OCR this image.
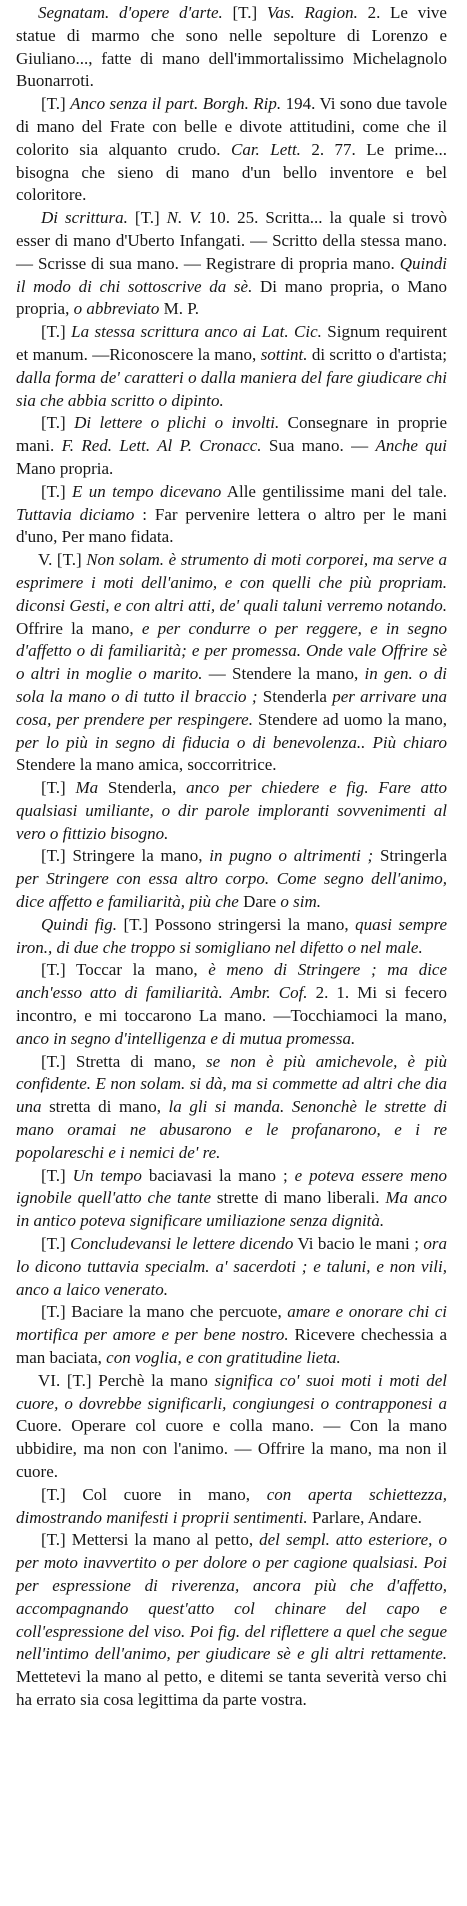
Segnatam. d'opere d'arte. [T.] Vas. Ragion. 2. Le vive statue di marmo che sono nelle sepolture di Lorenzo e Giuliano..., fatte di mano dell'immortalissimo Michelagnolo Buonarroti.

[T.] Anco senza il part. Borgh. Rip. 194. Vi sono due tavole di mano del Frate con belle e divote attitudini, come che il colorito sia alquanto crudo. Car. Lett. 2. 77. Le prime... bisogna che sieno di mano d'un bello inventore e bel coloritore.

Di scrittura. [T.] N. V. 10. 25. Scritta... la quale si trovò esser di mano d'Uberto Infangati. — Scritto della stessa mano. — Scrisse di sua mano. — Registrare di propria mano. Quindi il modo di chi sottoscrive da sè. Di mano propria, o Mano propria, o abbreviato M. P.

[T.] La stessa scrittura anco ai Lat. Cic. Signum requirent et manum. —Riconoscere la mano, sottint. di scritto o d'artista; dalla forma de' caratteri o dalla maniera del fare giudicare chi sia che abbia scritto o dipinto.

[T.] Di lettere o plichi o involti. Consegnare in proprie mani. F. Red. Lett. Al P. Cronacc. Sua mano. — Anche qui Mano propria.

[T.] E un tempo dicevano Alle gentilissime mani del tale. Tuttavia diciamo : Far pervenire lettera o altro per le mani d'uno, Per mano fidata.

V. [T.] Non solam. è strumento di moti corporei, ma serve a esprimere i moti dell'animo, e con quelli che più propriam. diconsi Gesti, e con altri atti, de' quali taluni verremo notando. Offrire la mano, e per condurre o per reggere, e in segno d'affetto o di familiarità; e per promessa. Onde vale Offrire sè o altri in moglie o marito. — Stendere la mano, in gen. o di sola la mano o di tutto il braccio ; Stenderla per arrivare una cosa, per prendere per respingere. Stendere ad uomo la mano, per lo più in segno di fiducia o di benevolenza.. Più chiaro Stendere la mano amica, soccorritrice.

[T.] Ma Stenderla, anco per chiedere e fig. Fare atto qualsiasi umiliante, o dir parole imploranti sovvenimenti al vero o fittizio bisogno.

[T.] Stringere la mano, in pugno o altrimenti ; Stringerla per Stringere con essa altro corpo. Come segno dell'animo, dice affetto e familiarità, più che Dare o sim.

Quindi fig. [T.] Possono stringersi la mano, quasi sempre iron., di due che troppo si somigliano nel difetto o nel male.

[T.] Toccar la mano, è meno di Stringere ; ma dice anch'esso atto di familiarità. Ambr. Cof. 2. 1. Mi si fecero incontro, e mi toccarono La mano. —Tocchiamoci la mano, anco in segno d'intelligenza e di mutua promessa.

[T.] Stretta di mano, se non è più amichevole, è più confidente. E non solam. si dà, ma si commette ad altri che dia una stretta di mano, la gli si manda. Senonchè le strette di mano oramai ne abusarono e le profanarono, e i re popolareschi e i nemici de' re.

[T.] Un tempo baciavasi la mano ; e poteva essere meno ignobile quell'atto che tante strette di mano liberali. Ma anco in antico poteva significare umiliazione senza dignità.

[T.] Concludevansi le lettere dicendo Vi bacio le mani ; ora lo dicono tuttavia specialm. a' sacerdoti ; e taluni, e non vili, anco a laico venerato.

[T.] Baciare la mano che percuote, amare e onorare chi ci mortifica per amore e per bene nostro. Ricevere chechessia a man baciata, con voglia, e con gratitudine lieta.

VI. [T.] Perchè la mano significa co' suoi moti i moti del cuore, o dovrebbe significarli, congiungesi o contrapponesi a Cuore. Operare col cuore e colla mano. — Con la mano ubbidire, ma non con l'animo. — Offrire la mano, ma non il cuore.

[T.] Col cuore in mano, con aperta schiettezza, dimostrando manifesti i proprii sentimenti. Parlare, Andare.

[T.] Mettersi la mano al petto, del sempl. atto esteriore, o per moto inavvertito o per dolore o per cagione qualsiasi. Poi per espressione di riverenza, ancora più che d'affetto, accompagnando quest'atto col chinare del capo e coll'espressione del viso. Poi fig. del riflettere a quel che segue nell'intimo dell'animo, per giudicare sè e gli altri rettamente. Mettetevi la mano al petto, e ditemi se tanta severità verso chi ha errato sia cosa legittima da parte vostra.
